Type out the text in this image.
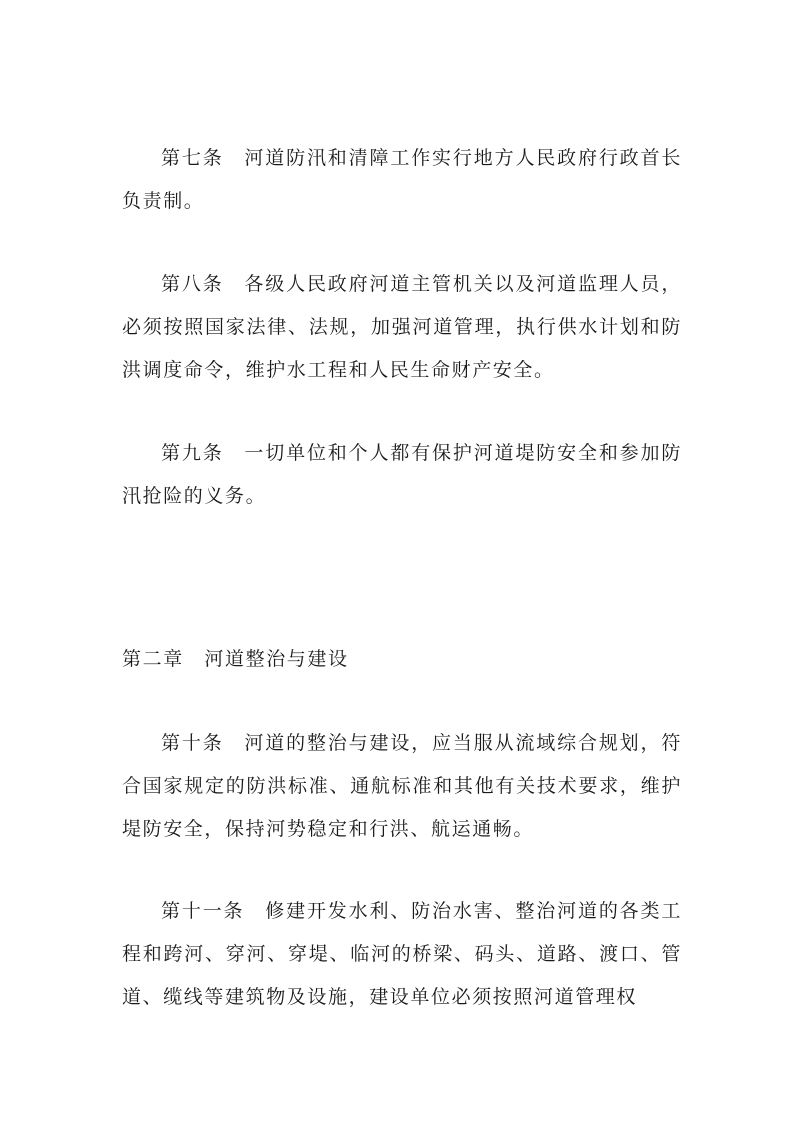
第七条　河道防汛和清障工作实行地方人民政府行政首长负责制。

第八条　各级人民政府河道主管机关以及河道监理人员，必须按照国家法律、法规，加强河道管理，执行供水计划和防洪调度命令，维护水工程和人民生命财产安全。

第九条　一切单位和个人都有保护河道堤防安全和参加防汛抢险的义务。

第二章　河道整治与建设

第十条　河道的整治与建设，应当服从流域综合规划，符合国家规定的防洪标准、通航标准和其他有关技术要求，维护堤防安全，保持河势稳定和行洪、航运通畅。

第十一条　修建开发水利、防治水害、整治河道的各类工程和跨河、穿河、穿堤、临河的桥梁、码头、道路、渡口、管道、缆线等建筑物及设施，建设单位必须按照河道管理权
